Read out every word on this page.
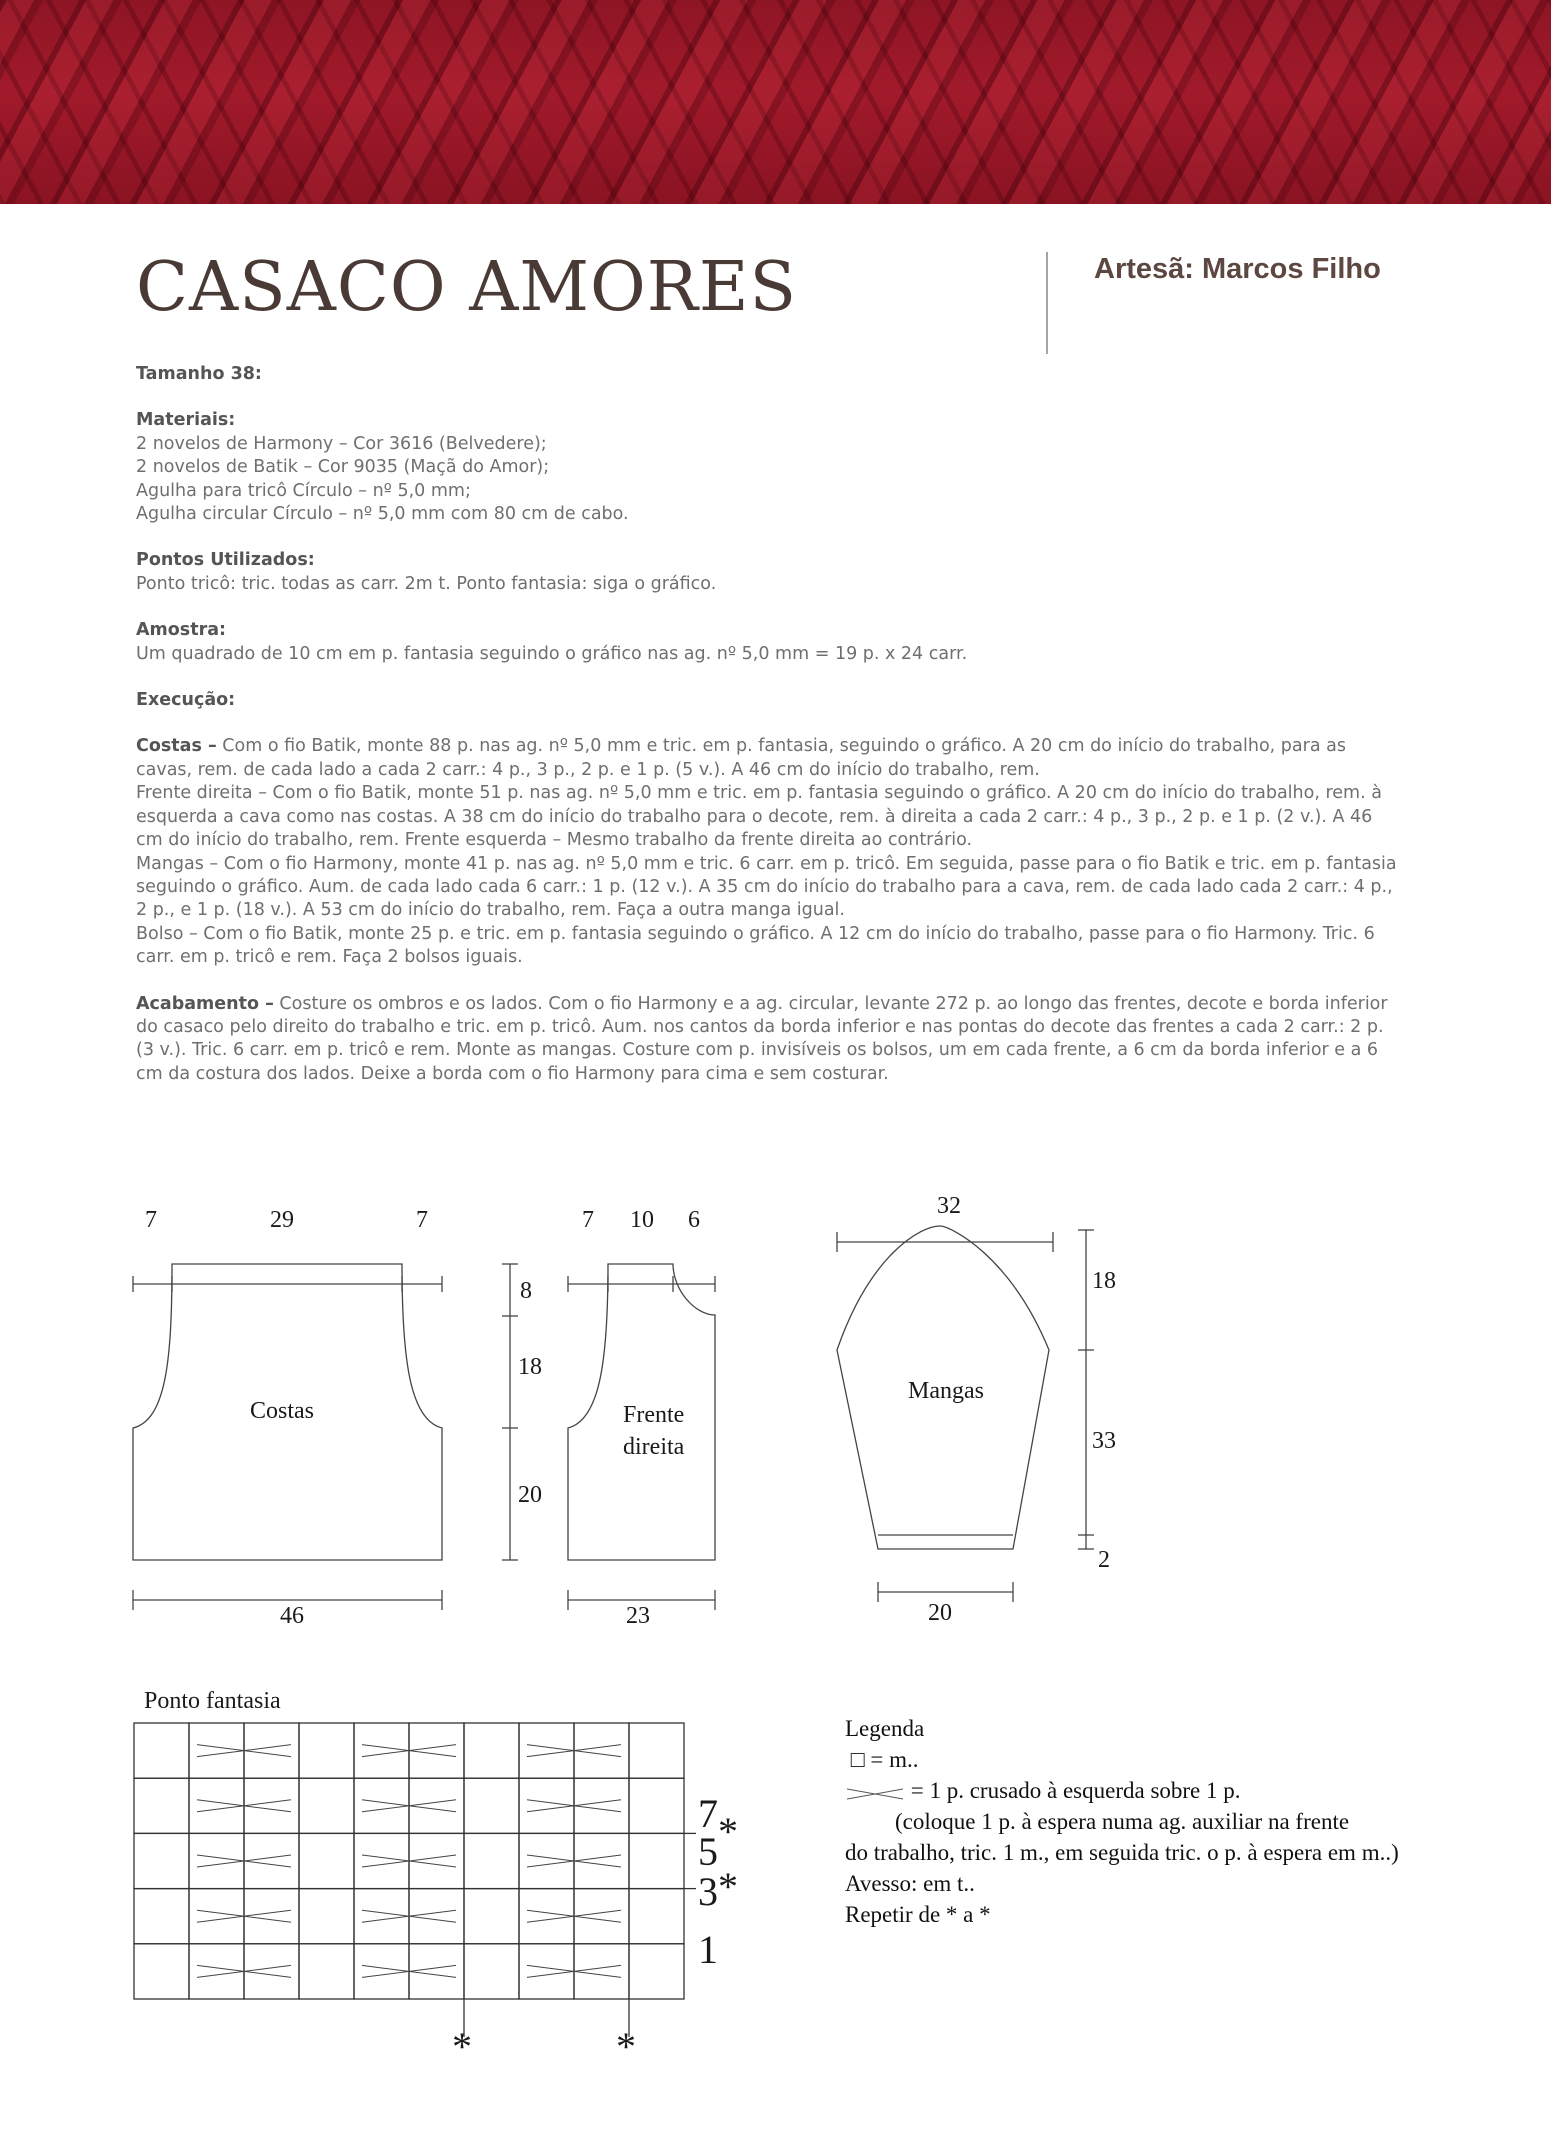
CASACO AMORES	Artesã: Marcos Filho

Tamanho 38:

Materiais:
2 novelos de Harmony – Cor 3616 (Belvedere);
2 novelos de Batik – Cor 9035 (Maçã do Amor);
Agulha para tricô Círculo – nº 5,0 mm;
Agulha circular Círculo – nº 5,0 mm com 80 cm de cabo.

Pontos Utilizados:
Ponto tricô: tric. todas as carr. 2m t. Ponto fantasia: siga o gráfico.

Amostra:
Um quadrado de 10 cm em p. fantasia seguindo o gráfico nas ag. nº 5,0 mm = 19 p. x 24 carr.

Execução:

Costas – Com o fio Batik, monte 88 p. nas ag. nº 5,0 mm e tric. em p. fantasia, seguindo o gráfico. A 20 cm do início do trabalho, para as cavas, rem. de cada lado a cada 2 carr.: 4 p., 3 p., 2 p. e 1 p. (5 v.). A 46 cm do início do trabalho, rem.
Frente direita – Com o fio Batik, monte 51 p. nas ag. nº 5,0 mm e tric. em p. fantasia seguindo o gráfico. A 20 cm do início do trabalho, rem. à esquerda a cava como nas costas. A 38 cm do início do trabalho para o decote, rem. à direita a cada 2 carr.: 4 p., 3 p., 2 p. e 1 p. (2 v.). A 46 cm do início do trabalho, rem. Frente esquerda – Mesmo trabalho da frente direita ao contrário.
Mangas – Com o fio Harmony, monte 41 p. nas ag. nº 5,0 mm e tric. 6 carr. em p. tricô. Em seguida, passe para o fio Batik e tric. em p. fantasia seguindo o gráfico. Aum. de cada lado cada 6 carr.: 1 p. (12 v.). A 35 cm do início do trabalho para a cava, rem. de cada lado cada 2 carr.: 4 p., 2 p., e 1 p. (18 v.). A 53 cm do início do trabalho, rem. Faça a outra manga igual.
Bolso – Com o fio Batik, monte 25 p. e tric. em p. fantasia seguindo o gráfico. A 12 cm do início do trabalho, passe para o fio Harmony. Tric. 6 carr. em p. tricô e rem. Faça 2 bolsos iguais.

Acabamento – Costure os ombros e os lados. Com o fio Harmony e a ag. circular, levante 272 p. ao longo das frentes, decote e borda inferior do casaco pelo direito do trabalho e tric. em p. tricô. Aum. nos cantos da borda inferior e nas pontas do decote das frentes a cada 2 carr.: 2 p. (3 v.). Tric. 6 carr. em p. tricô e rem. Monte as mangas. Costure com p. invisíveis os bolsos, um em cada frente, a 6 cm da borda inferior e a 6 cm da costura dos lados. Deixe a borda com o fio Harmony para cima e sem costurar.

Costas
7	29	7
46
8
18
20
Frente
direita
7 10 6
23
Mangas
32
18
33
2
20
Ponto fantasia
7
5
3
1
*
*
*	*
Legenda
□ = m..
= 1 p. crusado à esquerda sobre 1 p.
(coloque 1 p. à espera numa ag. auxiliar na frente
do trabalho, tric. 1 m., em seguida tric. o p. à espera em m..)
Avesso: em t..
Repetir de * a *
